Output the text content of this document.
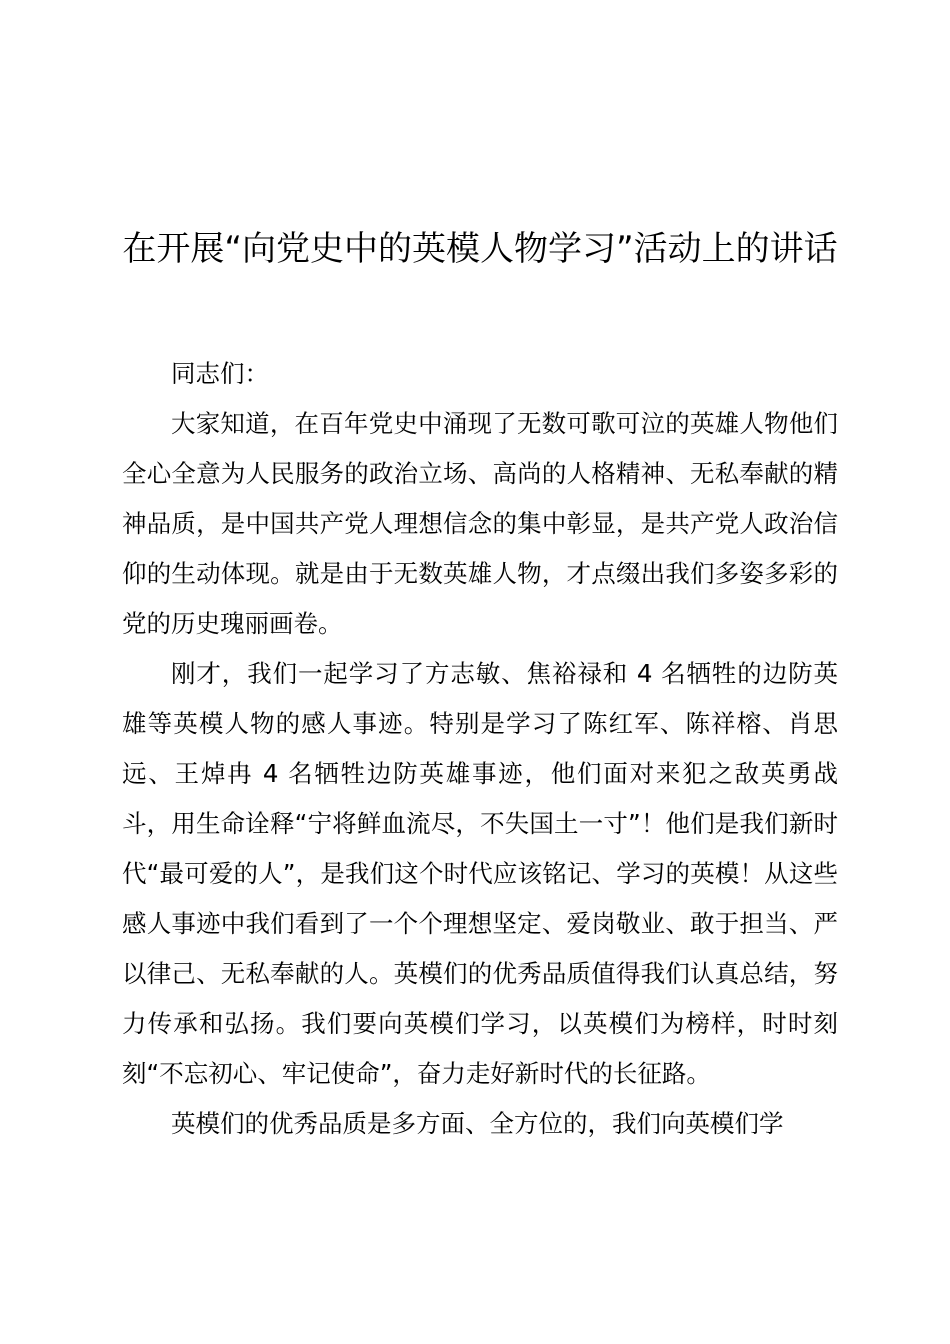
在开展“向党史中的英模人物学习”活动上的讲话

同志们：

大家知道，在百年党史中涌现了无数可歌可泣的英雄人物他们全心全意为人民服务的政治立场、高尚的人格精神、无私奉献的精神品质，是中国共产党人理想信念的集中彰显，是共产党人政治信仰的生动体现。就是由于无数英雄人物，才点缀出我们多姿多彩的党的历史瑰丽画卷。

刚才，我们一起学习了方志敏、焦裕禄和 4 名牺牲的边防英雄等英模人物的感人事迹。特别是学习了陈红军、陈祥榕、肖思远、王焯冉 4 名牺牲边防英雄事迹，他们面对来犯之敌英勇战斗，用生命诠释“宁将鲜血流尽，不失国土一寸”！他们是我们新时代“最可爱的人”，是我们这个时代应该铭记、学习的英模！从这些感人事迹中我们看到了一个个理想坚定、爱岗敬业、敢于担当、严以律己、无私奉献的人。英模们的优秀品质值得我们认真总结，努力传承和弘扬。我们要向英模们学习，以英模们为榜样，时时刻刻“不忘初心、牢记使命”，奋力走好新时代的长征路。

英模们的优秀品质是多方面、全方位的，我们向英模们学
